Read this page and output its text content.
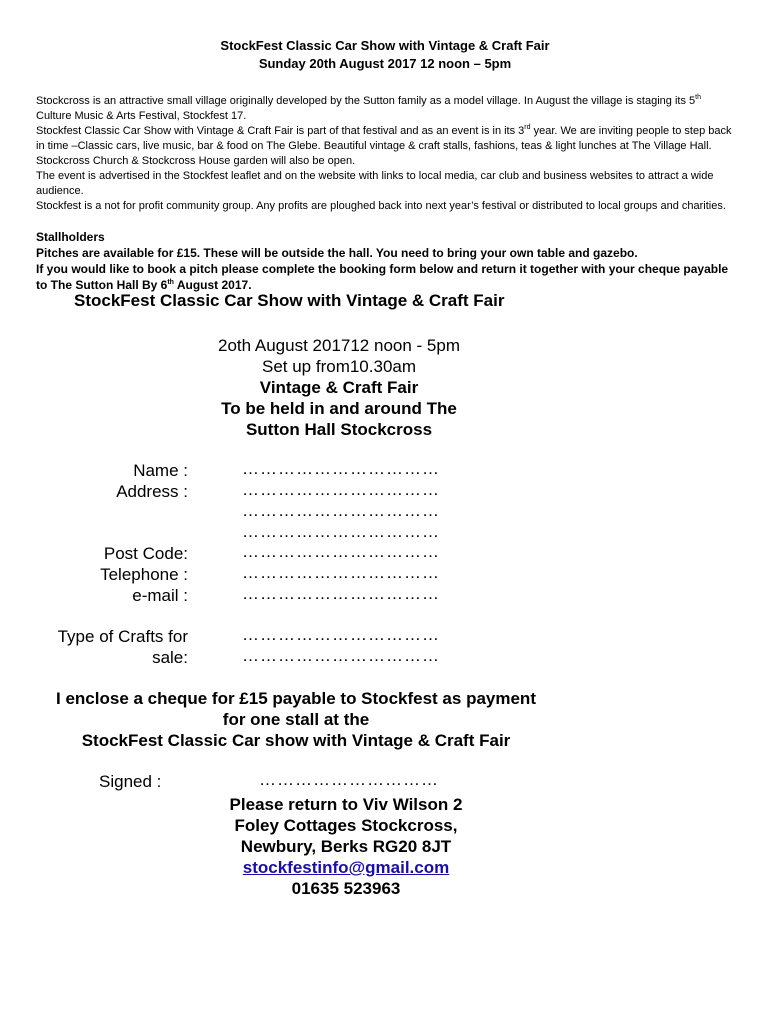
StockFest Classic Car Show with Vintage & Craft Fair
Sunday 20th August 2017 12 noon – 5pm

Stockcross is an attractive small village originally developed by the Sutton family as a model village. In August the village is staging its 5th Culture Music & Arts Festival, Stockfest 17.

Stockfest Classic Car Show with Vintage & Craft Fair is part of that festival and as an event is in its 3rd year. We are inviting people to step back in time –Classic cars, live music, bar & food on The Glebe. Beautiful vintage & craft stalls, fashions, teas & light lunches at The Village Hall. Stockcross Church & Stockcross House garden will also be open.

The event is advertised in the Stockfest leaflet and on the website with links to local media, car club and business websites to attract a wide audience.

Stockfest is a not for profit community group. Any profits are ploughed back into next year’s festival or distributed to local groups and charities.

Stallholders

Pitches are available for £15. These will be outside the hall. You need to bring your own table and gazebo.

If you would like to book a pitch please complete the booking form below and return it together with your cheque payable to The Sutton Hall By 6th August 2017.

StockFest Classic Car Show with Vintage & Craft Fair
2oth August 201712 noon - 5pm
Set up from10.30am
Vintage & Craft Fair
To be held in and around The
Sutton Hall Stockcross
Name :	……………………………
Address :	……………………………
……………………………
……………………………
Post Code:	……………………………
Telephone :	……………………………
e-mail :	……………………………
Type of Crafts for	……………………………
sale:	……………………………
I enclose a cheque for £15 payable to Stockfest as payment
for one stall at the
StockFest Classic Car show with Vintage & Craft Fair
Signed :	…………………………
Please return to Viv Wilson 2
Foley Cottages Stockcross,
Newbury, Berks RG20 8JT
stockfestinfo@gmail.com
01635 523963
